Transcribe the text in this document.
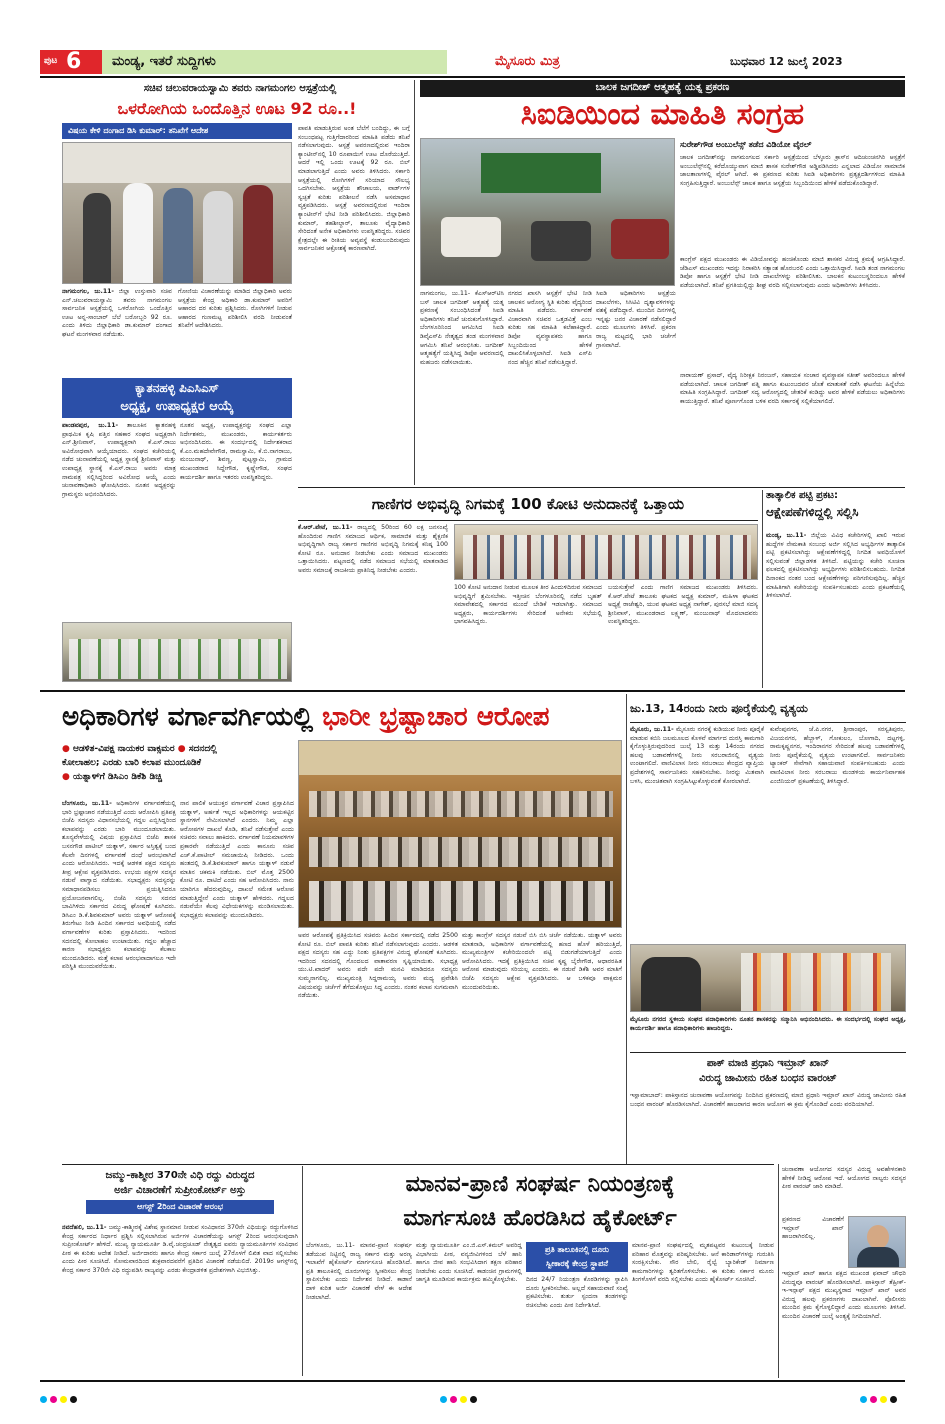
ಪುಟ 6 ಮಂಡ್ಯ, ಇತರೆ ಸುದ್ದಿಗಳು	ಮೈಸೂರು ಮಿತ್ರ	ಬುಧವಾರ 12 ಜುಲೈ 2023
ಸಚಿವ ಚಲುವರಾಯಸ್ವಾಮಿ ತವರು ನಾಗಮಂಗಲ ಆಸ್ಪತ್ರೆಯಲ್ಲಿ
ಒಳರೋಗಿಯ ಒಂದೊತ್ತಿನ ಊಟ 92 ರೂ..!
ವಿಷಯ ಕೇಳಿ ದಂಗಾದ ಡಿಸಿ ಕುಮಾರ್: ತನಿಖೆಗೆ ಆದೇಶ
ನಾಗಮಂಗಲ, ಜು.11- ಜಿಲ್ಲಾ ಉಸ್ತುವಾರಿ ಸಚಿವ ಎನ್.ಚಲುವರಾಯಸ್ವಾಮಿ ತವರು ನಾಗಮಂಗಲ ಸಾರ್ವಜನಿಕ ಆಸ್ಪತ್ರೆಯಲ್ಲಿ ಒಳರೋಗಿಯ ಒಂದೊತ್ತಿನ ಊಟ ಅನ್ನ-ಸಾಂಬಾರ್ ಬೆಲೆ ಬರೋಬ್ಬರಿ 92 ರೂ. ಎಂದು ತಿಳಿದು ಜಿಲ್ಲಾಧಿಕಾರಿ ಡಾ.ಕುಮಾರ್ ದಂಗಾದ ಘಟನೆ ಮಂಗಳವಾರ ನಡೆಯಿತು.
ಗೋಣಿಯ ವಿಚಾರಣೆಯನ್ನು ಮಾಡಿದ ಜಿಲ್ಲಾಧಿಕಾರಿ ಅವರು ಆಸ್ಪತ್ರೆಯ ಕೇಂದ್ರ ಅಧಿಕಾರಿ ಡಾ.ಕುಮಾರ್ ಅವರಿಗೆ ಆಹಾರದ ದರ ಕುರಿತು ಪ್ರಶ್ನಿಸಿದರು. ರೋಗಿಗಳಿಗೆ ನೀಡುವ ಆಹಾರದ ಗುಣಮಟ್ಟ ಪರಿಶೀಲಿಸಿ ವರದಿ ನೀಡುವಂತೆ ತನಿಖೆಗೆ ಆದೇಶಿಸಿದರು.
ಪಾವತಿ ಮಾಡುತ್ತಿರುವ ಅಂತ ಬೆಲೆಗೆ ಬಂದಿದ್ದು, ಈ ಬಗ್ಗೆ ಸಂಬಂಧಪಟ್ಟ ಗುತ್ತಿಗೆದಾರರಿಂದ ಮಾಹಿತಿ ಪಡೆದು ತನಿಖೆ ನಡೆಸಲಾಗುವುದು. ಆಸ್ಪತ್ರೆ ಅವರಣದಲ್ಲಿರುವ ಇಂದಿರಾ ಕ್ಯಾಂಟೀನ್‌ನಲ್ಲಿ 10 ರೂಪಾಯಿಗೆ ಊಟ ದೊರೆಯುತ್ತಿದೆ. ಆದರೆ ಇಲ್ಲಿ ಒಂದು ಊಟಕ್ಕೆ 92 ರೂ. ಬಿಲ್ ಮಾಡಲಾಗುತ್ತಿದೆ ಎಂದು ಅವರು ತಿಳಿಸಿದರು. ಸರ್ಕಾರಿ ಆಸ್ಪತ್ರೆಯಲ್ಲಿ ರೋಗಿಗಳಿಗೆ ಸರಿಯಾದ ಸೌಲಭ್ಯ ಒದಗಿಸಬೇಕು. ಆಸ್ಪತ್ರೆಯ ಶೌಚಾಲಯ, ವಾರ್ಡ್‌ಗಳ ಸ್ವಚ್ಛತೆ ಕುರಿತು ಪರಿಶೀಲನೆ ನಡೆಸಿ ಅಸಮಾಧಾನ ವ್ಯಕ್ತಪಡಿಸಿದರು. ಆಸ್ಪತ್ರೆ ಅವರಣದಲ್ಲಿರುವ ಇಂದಿರಾ ಕ್ಯಾಂಟೀನ್‌ಗೆ ಭೇಟಿ ನೀಡಿ ಪರಿಶೀಲಿಸಿದರು. ಜಿಲ್ಲಾಧಿಕಾರಿ ಕುಮಾರ್, ತಹಶೀಲ್ದಾರ್, ತಾಲೂಕು ವೈದ್ಯಾಧಿಕಾರಿ ಸೇರಿದಂತೆ ಅನೇಕ ಅಧಿಕಾರಿಗಳು ಉಪಸ್ಥಿತರಿದ್ದರು. ಸಚಿವರ ಕ್ಷೇತ್ರದಲ್ಲೇ ಈ ರೀತಿಯ ಅವ್ಯವಸ್ಥೆ ಕಂಡುಬಂದಿರುವುದು ಸಾರ್ವಜನಿಕರ ಆಕ್ರೋಶಕ್ಕೆ ಕಾರಣವಾಗಿದೆ.
ಕ್ಯಾತನಹಳ್ಳಿ ಪಿಎಸಿಎಸ್
ಅಧ್ಯಕ್ಷ, ಉಪಾಧ್ಯಕ್ಷರ ಆಯ್ಕೆ
ಪಾಂಡವಪುರ, ಜು.11- ತಾಲೂಕಿನ ಕ್ಯಾತನಹಳ್ಳಿ ಪ್ರಾಥಮಿಕ ಕೃಷಿ ಪತ್ತಿನ ಸಹಕಾರ ಸಂಘದ ಅಧ್ಯಕ್ಷರಾಗಿ ಎನ್.ಶ್ರೀನಿವಾಸ್, ಉಪಾಧ್ಯಕ್ಷರಾಗಿ ಕೆ.ಎಸ್.ರಾಜು ಅವಿರೋಧವಾಗಿ ಆಯ್ಕೆಯಾದರು. ಸಂಘದ ಕಚೇರಿಯಲ್ಲಿ ನಡೆದ ಚುನಾವಣೆಯಲ್ಲಿ ಅಧ್ಯಕ್ಷ ಸ್ಥಾನಕ್ಕೆ ಶ್ರೀನಿವಾಸ್ ಮತ್ತು ಉಪಾಧ್ಯಕ್ಷ ಸ್ಥಾನಕ್ಕೆ ಕೆ.ಎಸ್.ರಾಜು ಅವರು ಮಾತ್ರ ನಾಮಪತ್ರ ಸಲ್ಲಿಸಿದ್ದರಿಂದ ಅವಿರೋಧ ಆಯ್ಕೆ ಎಂದು ಚುನಾವಣಾಧಿಕಾರಿ ಘೋಷಿಸಿದರು. ನೂತನ ಅಧ್ಯಕ್ಷರನ್ನು ಗ್ರಾಮಸ್ಥರು ಅಭಿನಂದಿಸಿದರು.
ನೂತನ ಅಧ್ಯಕ್ಷ, ಉಪಾಧ್ಯಕ್ಷರನ್ನು ಸಂಘದ ಎಲ್ಲಾ ನಿರ್ದೇಶಕರು, ಮುಖಂಡರು, ಕಾರ್ಯಕರ್ತರು ಅಭಿನಂದಿಸಿದರು. ಈ ಸಂದರ್ಭದಲ್ಲಿ ನಿರ್ದೇಶಕರಾದ ಕೆ.ಎಂ.ಮಹದೇವೇಗೌಡ, ರಾಮಸ್ವಾಮಿ, ಕೆ.ಬಿ.ನಾಗರಾಜು, ಮಂಜುನಾಥ್, ಶಿವಣ್ಣ, ಪುಟ್ಟಸ್ವಾಮಿ, ಗ್ರಾಮದ ಮುಖಂಡರಾದ ಸಿದ್ದೇಗೌಡ, ಕೃಷ್ಣೇಗೌಡ, ಸಂಘದ ಕಾರ್ಯದರ್ಶಿ ಹಾಗೂ ಇತರರು ಉಪಸ್ಥಿತರಿದ್ದರು.
ಬಾಲಕ ಜಗದೀಶ್ ಆತ್ಮಹತ್ಯೆ ಯತ್ನ ಪ್ರಕರಣ
ಸಿಐಡಿಯಿಂದ ಮಾಹಿತಿ ಸಂಗ್ರಹ
ಸುರೇಶ್‌ಗೌಡ ಅಂಬುಲೆನ್ಸ್ ತಡೆದ ವಿಡಿಯೋ ವೈರಲ್
ಚಾಲಕ ಜಗದೀಶ್‌ನನ್ನು ನಾಗಮಂಗಲದ ಸರ್ಕಾರಿ ಆಸ್ಪತ್ರೆಯಿಂದ ಬೆಳ್ಳೂರು ಕ್ರಾಸ್‌ನ ಆದಿಚುಂಚನಗಿರಿ ಆಸ್ಪತ್ರೆಗೆ ಅಂಬುಲೆನ್ಸ್‌ನಲ್ಲಿ ಕರೆದೊಯ್ಯುವಾಗ ಮಾಜಿ ಶಾಸಕ ಸುರೇಶ್‌ಗೌಡ ಅಡ್ಡಿಪಡಿಸಿದರು ಎನ್ನಲಾದ ವಿಡಿಯೋ ಸಾಮಾಜಿಕ ಜಾಲತಾಣಗಳಲ್ಲಿ ವೈರಲ್ ಆಗಿದೆ. ಈ ಪ್ರಕರಣದ ಕುರಿತು ಸಿಐಡಿ ಅಧಿಕಾರಿಗಳು ಪ್ರತ್ಯಕ್ಷದರ್ಶಿಗಳಿಂದ ಮಾಹಿತಿ ಸಂಗ್ರಹಿಸುತ್ತಿದ್ದಾರೆ. ಅಂಬುಲೆನ್ಸ್ ಚಾಲಕ ಹಾಗೂ ಆಸ್ಪತ್ರೆಯ ಸಿಬ್ಬಂದಿಯಿಂದ ಹೇಳಿಕೆ ಪಡೆದುಕೊಂಡಿದ್ದಾರೆ.
ಕಾಂಗ್ರೆಸ್ ಪಕ್ಷದ ಮುಖಂಡರು ಈ ವಿಡಿಯೋವನ್ನು ಹಂಚಿಕೊಂಡು ಮಾಜಿ ಶಾಸಕರ ವಿರುದ್ಧ ಕ್ರಮಕ್ಕೆ ಆಗ್ರಹಿಸಿದ್ದಾರೆ. ಜೆಡಿಎಸ್ ಮುಖಂಡರು ಇದನ್ನು ನಿರಾಕರಿಸಿ ಸತ್ಯಾಂಶ ಹೊರಬರಲಿ ಎಂದು ಒತ್ತಾಯಿಸಿದ್ದಾರೆ. ಸಿಐಡಿ ತಂಡ ನಾಗಮಂಗಲ ಡಿಪೋ ಹಾಗೂ ಆಸ್ಪತ್ರೆಗೆ ಭೇಟಿ ನೀಡಿ ದಾಖಲೆಗಳನ್ನು ಪರಿಶೀಲಿಸಿತು. ಬಾಲಕನ ಕುಟುಂಬಸ್ಥರಿಂದಲೂ ಹೇಳಿಕೆ ಪಡೆಯಲಾಗಿದೆ. ತನಿಖೆ ಪ್ರಗತಿಯಲ್ಲಿದ್ದು ಶೀಘ್ರ ವರದಿ ಸಲ್ಲಿಸಲಾಗುವುದು ಎಂದು ಅಧಿಕಾರಿಗಳು ತಿಳಿಸಿದರು.
ನಾಗಮಂಗಲ, ಜು.11- ಕೆಎಸ್‌ಆರ್‌ಟಿಸಿ ಬಸ್ ಚಾಲಕ ಜಗದೀಶ್ ಆತ್ಮಹತ್ಯೆ ಯತ್ನ ಪ್ರಕರಣಕ್ಕೆ ಸಂಬಂಧಿಸಿದಂತೆ ಸಿಐಡಿ ಅಧಿಕಾರಿಗಳು ತನಿಖೆ ಚುರುಕುಗೊಳಿಸಿದ್ದಾರೆ. ಬೆಂಗಳೂರಿನಿಂದ ಆಗಮಿಸಿದ ಸಿಐಡಿ ಡಿವೈಎಸ್‌ಪಿ ನೇತೃತ್ವದ ತಂಡ ಮಂಗಳವಾರ ಆಗಮಿಸಿ ತನಿಖೆ ಆರಂಭಿಸಿತು. ಜಗದೀಶ್ ಆತ್ಮಹತ್ಯೆಗೆ ಯತ್ನಿಸಿದ್ದ ಡಿಪೋ ಆವರಣದಲ್ಲಿ ಮಹಜರು ನಡೆಸಲಾಯಿತು.
ನಗರದ ಖಾಸಗಿ ಆಸ್ಪತ್ರೆಗೆ ಭೇಟಿ ನೀಡಿ ಚಾಲಕನ ಆರೋಗ್ಯ ಸ್ಥಿತಿ ಕುರಿತು ವೈದ್ಯರಿಂದ ಮಾಹಿತಿ ಪಡೆದರು. ವರ್ಗಾವಣೆ ವಿಚಾರವಾಗಿ ಸಚಿವರ ಒತ್ತಡವಿತ್ತೆ ಎಂಬ ಕುರಿತು ಸಹ ಮಾಹಿತಿ ಕಲೆಹಾಕಿದ್ದಾರೆ. ಡಿಪೋ ವ್ಯವಸ್ಥಾಪಕರು ಹಾಗೂ ಸಿಬ್ಬಂದಿಯಿಂದ ಹೇಳಿಕೆ ದಾಖಲಿಸಿಕೊಳ್ಳಲಾಗಿದೆ. ಸಿಐಡಿ ಎಸ್‌ಪಿ ನಂದ ಹೆಚ್ಚಿನ ತನಿಖೆ ನಡೆಸುತ್ತಿದ್ದಾರೆ.
ಸಿಐಡಿ ಅಧಿಕಾರಿಗಳು ಆಸ್ಪತ್ರೆಯ ದಾಖಲೆಗಳು, ಸಿಸಿಟಿವಿ ದೃಶ್ಯಾವಳಿಗಳನ್ನು ವಶಕ್ಕೆ ಪಡೆದಿದ್ದಾರೆ. ಮುಂದಿನ ದಿನಗಳಲ್ಲಿ ಇನ್ನಷ್ಟು ಜನರ ವಿಚಾರಣೆ ನಡೆಸಲಿದ್ದಾರೆ ಎಂದು ಮೂಲಗಳು ತಿಳಿಸಿವೆ. ಪ್ರಕರಣ ರಾಜ್ಯ ಮಟ್ಟದಲ್ಲಿ ಭಾರಿ ಚರ್ಚೆಗೆ ಗ್ರಾಸವಾಗಿದೆ.
ನಾರಾಯಣ್ ಪ್ರಸಾದ್, ವೈದ್ಯ ನಿರೀಕ್ಷಕ ನಿರಂಜನ್, ಸಹಾಯಕ ಸಂಚಾರ ವ್ಯವಸ್ಥಾಪಕ ಸತೀಶ್ ಅವರಿಂದಲೂ ಹೇಳಿಕೆ ಪಡೆಯಲಾಗಿದೆ. ಚಾಲಕ ಜಗದೀಶ್ ಪತ್ನಿ ಹಾಗೂ ಕುಟುಂಬದವರ ಜೊತೆ ಮಾತುಕತೆ ನಡೆಸಿ ಘಟನೆಯ ಹಿನ್ನೆಲೆಯ ಮಾಹಿತಿ ಸಂಗ್ರಹಿಸಿದ್ದಾರೆ. ಜಗದೀಶ್ ಸದ್ಯ ಆರೋಗ್ಯದಲ್ಲಿ ಚೇತರಿಕೆ ಕಂಡಿದ್ದು ಅವರ ಹೇಳಿಕೆ ಪಡೆಯಲು ಅಧಿಕಾರಿಗಳು ಕಾಯುತ್ತಿದ್ದಾರೆ. ತನಿಖೆ ಪೂರ್ಣಗೊಂಡ ಬಳಿಕ ವರದಿ ಸರ್ಕಾರಕ್ಕೆ ಸಲ್ಲಿಕೆಯಾಗಲಿದೆ.
ಗಾಣಿಗರ ಅಭಿವೃದ್ಧಿ ನಿಗಮಕ್ಕೆ 100 ಕೋಟಿ ಅನುದಾನಕ್ಕೆ ಒತ್ತಾಯ
ಕೆ.ಆರ್.ಪೇಟೆ, ಜು.11- ರಾಜ್ಯದಲ್ಲಿ 50ರಿಂದ 60 ಲಕ್ಷ ಜನಸಂಖ್ಯೆ ಹೊಂದಿರುವ ಗಾಣಿಗ ಸಮಾಜದ ಆರ್ಥಿಕ, ಸಾಮಾಜಿಕ ಮತ್ತು ಶೈಕ್ಷಣಿಕ ಅಭಿವೃದ್ಧಿಗಾಗಿ ರಾಜ್ಯ ಸರ್ಕಾರ ಗಾಣಿಗರ ಅಭಿವೃದ್ಧಿ ನಿಗಮಕ್ಕೆ ಕನಿಷ್ಠ 100 ಕೋಟಿ ರೂ. ಅನುದಾನ ನೀಡಬೇಕು ಎಂದು ಸಮಾಜದ ಮುಖಂಡರು ಒತ್ತಾಯಿಸಿದರು. ಪಟ್ಟಣದಲ್ಲಿ ನಡೆದ ಸಮಾಜದ ಸಭೆಯಲ್ಲಿ ಮಾತನಾಡಿದ ಅವರು ಸಮಾಜಕ್ಕೆ ರಾಜಕೀಯ ಪ್ರಾತಿನಿಧ್ಯ ನೀಡಬೇಕು ಎಂದರು.
100 ಕೋಟಿ ಅನುದಾನ ನೀಡುವ ಮೂಲಕ ತೀರ ಹಿಂದುಳಿದಿರುವ ಸಮಾಜದ ಅಭಿವೃದ್ಧಿಗೆ ಶ್ರಮಿಸಬೇಕು. ಇತ್ತೀಚಿನ ಬೆಂಗಳೂರಿನಲ್ಲಿ ನಡೆದ ಬೃಹತ್ ಸಮಾವೇಶದಲ್ಲಿ ಸರ್ಕಾರದ ಮುಂದೆ ಬೇಡಿಕೆ ಇಡಲಾಗಿತ್ತು. ಸಮಾಜದ ಅಧ್ಯಕ್ಷರು, ಕಾರ್ಯದರ್ಶಿಗಳು ಸೇರಿದಂತೆ ಅನೇಕರು ಸಭೆಯಲ್ಲಿ ಭಾಗವಹಿಸಿದ್ದರು.
ಬಯಸುತ್ತೇವೆ ಎಂದು ಗಾಣಿಗ ಸಮಾಜದ ಮುಖಂಡರು ತಿಳಿಸಿದರು. ಕೆ.ಆರ್.ಪೇಟೆ ತಾಲೂಕು ಘಟಕದ ಅಧ್ಯಕ್ಷ ಕುಮಾರ್, ಮಹಿಳಾ ಘಟಕದ ಅಧ್ಯಕ್ಷೆ ರಾಜೇಶ್ವರಿ, ಯುವ ಘಟಕದ ಅಧ್ಯಕ್ಷ ನಾಗೇಶ್, ಪುರಸಭೆ ಮಾಜಿ ಸದಸ್ಯ ಶ್ರೀನಿವಾಸ್, ಮುಖಂಡರಾದ ಲಕ್ಷ್ಮಣ್, ಮಂಜುನಾಥ್ ಮೊದಲಾದವರು ಉಪಸ್ಥಿತರಿದ್ದರು.
ತಾತ್ಕಾಲಿಕ ಪಟ್ಟಿ ಪ್ರಕಟ:
ಆಕ್ಷೇಪಣೆಗಳಿದ್ದಲ್ಲಿ ಸಲ್ಲಿಸಿ
ಮಂಡ್ಯ, ಜು.11- ಜಿಲ್ಲೆಯ ವಿವಿಧ ಕಚೇರಿಗಳಲ್ಲಿ ಖಾಲಿ ಇರುವ ಹುದ್ದೆಗಳ ನೇಮಕಾತಿ ಸಂಬಂಧ ಅರ್ಜಿ ಸಲ್ಲಿಸಿದ ಅಭ್ಯರ್ಥಿಗಳ ತಾತ್ಕಾಲಿಕ ಪಟ್ಟಿ ಪ್ರಕಟಿಸಲಾಗಿದ್ದು ಆಕ್ಷೇಪಣೆಗಳಿದ್ದಲ್ಲಿ ನಿಗದಿತ ಅವಧಿಯೊಳಗೆ ಸಲ್ಲಿಸುವಂತೆ ಜಿಲ್ಲಾಡಳಿತ ತಿಳಿಸಿದೆ. ಪಟ್ಟಿಯನ್ನು ಕಚೇರಿ ಸೂಚನಾ ಫಲಕದಲ್ಲಿ ಪ್ರಕಟಿಸಲಾಗಿದ್ದು ಅಭ್ಯರ್ಥಿಗಳು ಪರಿಶೀಲಿಸಬಹುದು. ನಿಗದಿತ ದಿನಾಂಕದ ನಂತರ ಬಂದ ಆಕ್ಷೇಪಣೆಗಳನ್ನು ಪರಿಗಣಿಸುವುದಿಲ್ಲ. ಹೆಚ್ಚಿನ ಮಾಹಿತಿಗಾಗಿ ಕಚೇರಿಯನ್ನು ಸಂಪರ್ಕಿಸಬಹುದು ಎಂದು ಪ್ರಕಟಣೆಯಲ್ಲಿ ತಿಳಿಸಲಾಗಿದೆ.
ಅಧಿಕಾರಿಗಳ ವರ್ಗಾವರ್ಗಿಯಲ್ಲಿ ಭಾರೀ ಭ್ರಷ್ಟಾಚಾರ ಆರೋಪ
● ಆಡಳಿತ-ವಿಪಕ್ಷ ನಾಯಕರ ವಾಕ್ಸಮರ ● ಸದನದಲ್ಲಿ
ಕೋಲಾಹಲ; ಎರಡು ಬಾರಿ ಕಲಾಪ ಮುಂದೂಡಿಕೆ
● ಯತ್ನಾಳ್‌ಗೆ ಡಿಸಿಎಂ ಡಿಕೆಶಿ ಡಿಚ್ಚಿ
ಬೆಂಗಳೂರು, ಜು.11- ಅಧಿಕಾರಿಗಳ ವರ್ಗಾವಣೆಯಲ್ಲಿ ಭಾರಿ ಭ್ರಷ್ಟಾಚಾರ ನಡೆಯುತ್ತಿದೆ ಎಂದು ಆರೋಪಿಸಿ ಪ್ರತಿಪಕ್ಷ ಬಿಜೆಪಿ ಸದಸ್ಯರು ವಿಧಾನಸಭೆಯಲ್ಲಿ ಗದ್ದಲ ಎಬ್ಬಿಸಿದ್ದರಿಂದ ಕಲಾಪವನ್ನು ಎರಡು ಬಾರಿ ಮುಂದೂಡಲಾಯಿತು. ಶೂನ್ಯವೇಳೆಯಲ್ಲಿ ವಿಷಯ ಪ್ರಸ್ತಾಪಿಸಿದ ಬಿಜೆಪಿ ಶಾಸಕ ಬಸನಗೌಡ ಪಾಟೀಲ್ ಯತ್ನಾಳ್, ಸರ್ಕಾರ ಅಸ್ತಿತ್ವಕ್ಕೆ ಬಂದ ಕೆಲವೇ ದಿನಗಳಲ್ಲಿ ವರ್ಗಾವಣೆ ದಂಧೆ ಆರಂಭವಾಗಿದೆ ಎಂದು ಆರೋಪಿಸಿದರು. ಇದಕ್ಕೆ ಆಡಳಿತ ಪಕ್ಷದ ಸದಸ್ಯರು ತೀವ್ರ ಆಕ್ಷೇಪ ವ್ಯಕ್ತಪಡಿಸಿದರು. ಉಭಯ ಪಕ್ಷಗಳ ಸದಸ್ಯರ ನಡುವೆ ವಾಗ್ವಾದ ನಡೆಯಿತು. ಸಭಾಧ್ಯಕ್ಷರು ಸದಸ್ಯರನ್ನು ಸಮಾಧಾನಪಡಿಸಲು ಪ್ರಯತ್ನಿಸಿದರೂ ಪ್ರಯೋಜನವಾಗಲಿಲ್ಲ. ಬಿಜೆಪಿ ಸದಸ್ಯರು ಸದನದ ಬಾವಿಗಿಳಿದು ಸರ್ಕಾರದ ವಿರುದ್ಧ ಘೋಷಣೆ ಕೂಗಿದರು. ಡಿಸಿಎಂ ಡಿ.ಕೆ.ಶಿವಕುಮಾರ್ ಅವರು ಯತ್ನಾಳ್ ಆರೋಪಕ್ಕೆ ತಿರುಗೇಟು ನೀಡಿ ಹಿಂದಿನ ಸರ್ಕಾರದ ಅವಧಿಯಲ್ಲಿ ನಡೆದ ವರ್ಗಾವಣೆಗಳ ಕುರಿತು ಪ್ರಸ್ತಾಪಿಸಿದರು. ಇದರಿಂದ ಸದನದಲ್ಲಿ ಕೋಲಾಹಲ ಉಂಟಾಯಿತು. ಗದ್ದಲ ಹೆಚ್ಚಾದ ಕಾರಣ ಸಭಾಧ್ಯಕ್ಷರು ಕಲಾಪವನ್ನು ಕೆಲಕಾಲ ಮುಂದೂಡಿದರು. ಮತ್ತೆ ಕಲಾಪ ಆರಂಭವಾದಾಗಲೂ ಇದೇ ಪರಿಸ್ಥಿತಿ ಮುಂದುವರೆಯಿತು.
ನಾನ ಪಾಲಿಕೆ ಆಯುಕ್ತರ ವರ್ಗಾವಣೆ ವಿಚಾರ ಪ್ರಸ್ತಾಪಿಸಿದ ಯತ್ನಾಳ್, ಅರ್ಹತೆ ಇಲ್ಲದ ಅಧಿಕಾರಿಗಳನ್ನು ಆಯಕಟ್ಟಿನ ಸ್ಥಾನಗಳಿಗೆ ನೇಮಿಸಲಾಗಿದೆ ಎಂದರು. ನಿಮ್ಮ ಎಲ್ಲಾ ಆರೋಪಗಳ ದಾಖಲೆ ಕೊಡಿ, ತನಿಖೆ ನಡೆಸುತ್ತೇವೆ ಎಂದು ಸಚಿವರು ಸವಾಲು ಹಾಕಿದರು. ವರ್ಗಾವಣೆ ನಿಯಮಾವಳಿಗಳ ಪ್ರಕಾರವೇ ನಡೆಯುತ್ತಿದೆ ಎಂದು ಕಾನೂನು ಸಚಿವ ಎಚ್.ಕೆ.ಪಾಟೀಲ್ ಸಮಜಾಯಿಷಿ ನೀಡಿದರು. ಒಂದು ಹಂತದಲ್ಲಿ ಡಿ.ಕೆ.ಶಿವಕುಮಾರ್ ಹಾಗೂ ಯತ್ನಾಳ್ ನಡುವೆ ಮಾತಿನ ಚಕಮಕಿ ನಡೆಯಿತು. ಬಿಲ್ ಮೊತ್ತ 2500 ಕೋಟಿ ರೂ. ದಾಟಿದೆ ಎಂದು ಸಹ ಆರೋಪಿಸಿದರು. ನಾನು ಯಾರಿಗೂ ಹೆದರುವುದಿಲ್ಲ, ದಾಖಲೆ ಸಮೇತ ಆರೋಪ ಮಾಡುತ್ತಿದ್ದೇನೆ ಎಂದು ಯತ್ನಾಳ್ ಹೇಳಿದರು. ಗದ್ದಲದ ನಡುವೆಯೇ ಕೆಲವು ವಿಧೇಯಕಗಳನ್ನು ಮಂಡಿಸಲಾಯಿತು. ಸಭಾಧ್ಯಕ್ಷರು ಕಲಾಪವನ್ನು ಮುಂದೂಡಿದರು.
ಅವರ ಆರೋಪಕ್ಕೆ ಪ್ರತಿಕ್ರಿಯಿಸಿದ ಸಚಿವರು ಹಿಂದಿನ ಸರ್ಕಾರದಲ್ಲಿ ನಡೆದ 2500 ಕೋಟಿ ರೂ. ಬಿಲ್ ಪಾವತಿ ಕುರಿತು ತನಿಖೆ ನಡೆಸಲಾಗುವುದು ಎಂದರು. ಆಡಳಿತ ಪಕ್ಷದ ಸದಸ್ಯರು ಸಹ ಎದ್ದು ನಿಂತು ಪ್ರತಿಪಕ್ಷಗಳ ವಿರುದ್ಧ ಘೋಷಣೆ ಕೂಗಿದರು. ಇದರಿಂದ ಸದನದಲ್ಲಿ ಗೊಂದಲದ ವಾತಾವರಣ ಸೃಷ್ಟಿಯಾಯಿತು. ಸಭಾಧ್ಯಕ್ಷ ಯು.ಟಿ.ಖಾದರ್ ಅವರು ಪದೇ ಪದೇ ಮನವಿ ಮಾಡಿದರೂ ಸದಸ್ಯರು ಸುಮ್ಮನಾಗಲಿಲ್ಲ. ಮುಖ್ಯಮಂತ್ರಿ ಸಿದ್ದರಾಮಯ್ಯ ಅವರು ಮಧ್ಯ ಪ್ರವೇಶಿಸಿ ವಿಷಯವನ್ನು ಚರ್ಚೆಗೆ ತೆಗೆದುಕೊಳ್ಳಲು ಸಿದ್ಧ ಎಂದರು. ನಂತರ ಕಲಾಪ ಸುಗಮವಾಗಿ ನಡೆಯಿತು.
ಮತ್ತು ಕಾಂಗ್ರೆಸ್ ಸದಸ್ಯರ ನಡುವೆ ಬಿಸಿ ಬಿಸಿ ಚರ್ಚೆ ನಡೆಯಿತು. ಯತ್ನಾಳ್ ಅವರು ಮಾತನಾಡಿ, ಅಧಿಕಾರಿಗಳ ವರ್ಗಾವಣೆಯಲ್ಲಿ ಹಣದ ಹೊಳೆ ಹರಿಯುತ್ತಿದೆ, ಮುಖ್ಯಮಂತ್ರಿಗಳ ಕಚೇರಿಯಿಂದಲೇ ಪಟ್ಟಿ ಬಿಡುಗಡೆಯಾಗುತ್ತಿದೆ ಎಂದು ಆರೋಪಿಸಿದರು. ಇದಕ್ಕೆ ಪ್ರತಿಕ್ರಿಯಿಸಿದ ಸಚಿವ ಕೃಷ್ಣ ಬೈರೇಗೌಡ, ಆಧಾರರಹಿತ ಆರೋಪ ಮಾಡುವುದು ಸರಿಯಲ್ಲ ಎಂದರು. ಈ ನಡುವೆ ಡಿಕೆಶಿ ಅವರ ಮಾತಿಗೆ ಬಿಜೆಪಿ ಸದಸ್ಯರು ಆಕ್ಷೇಪ ವ್ಯಕ್ತಪಡಿಸಿದರು. ಆ ಬಳಿಕವೂ ವಾಕ್ಸಮರ ಮುಂದುವರಿಯಿತು.
ಜು.13, 14ರಂದು ನೀರು ಪೂರೈಕೆಯಲ್ಲಿ ವ್ಯತ್ಯಯ
ಮೈಸೂರು, ಜು.11- ಮೈಸೂರು ನಗರಕ್ಕೆ ಕುಡಿಯುವ ನೀರು ಪೂರೈಕೆ ಮಾಡುವ ಕಬಿನಿ ಜಲಮೂಲದ ಕೊಳವೆ ಮಾರ್ಗದ ದುರಸ್ತಿ ಕಾಮಗಾರಿ ಕೈಗೊಳ್ಳುತ್ತಿರುವುದರಿಂದ ಜುಲೈ 13 ಮತ್ತು 14ರಂದು ನಗರದ ಹಲವು ಬಡಾವಣೆಗಳಲ್ಲಿ ನೀರು ಸರಬರಾಜಿನಲ್ಲಿ ವ್ಯತ್ಯಯ ಉಂಟಾಗಲಿದೆ. ವಾಣಿವಿಲಾಸ ನೀರು ಸರಬರಾಜು ಕೇಂದ್ರದ ವ್ಯಾಪ್ತಿಯ ಪ್ರದೇಶಗಳಲ್ಲಿ ಸಾರ್ವಜನಿಕರು ಸಹಕರಿಸಬೇಕು. ನೀರನ್ನು ಮಿತವಾಗಿ ಬಳಸಿ, ಮುಂಚಿತವಾಗಿ ಸಂಗ್ರಹಿಸಿಟ್ಟುಕೊಳ್ಳುವಂತೆ ಕೋರಲಾಗಿದೆ.
ಕುವೆಂಪುನಗರ, ಜೆ.ಪಿ.ನಗರ, ಶ್ರೀರಾಂಪುರ, ಸರಸ್ವತಿಪುರಂ, ವಿಜಯನಗರ, ಹೆಬ್ಬಾಳ್, ಗೋಕುಲಂ, ಬೋಗಾದಿ, ದಟ್ಟಗಳ್ಳಿ, ರಾಮಕೃಷ್ಣನಗರ, ಇಂದಿರಾನಗರ ಸೇರಿದಂತೆ ಹಲವು ಬಡಾವಣೆಗಳಲ್ಲಿ ನೀರು ಪೂರೈಕೆಯಲ್ಲಿ ವ್ಯತ್ಯಯ ಉಂಟಾಗಲಿದೆ. ಸಾರ್ವಜನಿಕರು ಟ್ಯಾಂಕರ್ ಸೇವೆಗಾಗಿ ಸಹಾಯವಾಣಿ ಸಂಪರ್ಕಿಸಬಹುದು ಎಂದು ವಾಣಿವಿಲಾಸ ನೀರು ಸರಬರಾಜು ಮಂಡಳಿಯ ಕಾರ್ಯನಿರ್ವಾಹಕ ಎಂಜಿನಿಯರ್ ಪ್ರಕಟಣೆಯಲ್ಲಿ ತಿಳಿಸಿದ್ದಾರೆ.
ಮೈಸೂರು ನಗರದ ಸ್ಥಳೀಯ ಸಂಘದ ಪದಾಧಿಕಾರಿಗಳು ನೂತನ ಶಾಸಕರನ್ನು ಸನ್ಮಾನಿಸಿ ಅಭಿನಂದಿಸಿದರು. ಈ ಸಂದರ್ಭದಲ್ಲಿ ಸಂಘದ ಅಧ್ಯಕ್ಷ, ಕಾರ್ಯದರ್ಶಿ ಹಾಗೂ ಪದಾಧಿಕಾರಿಗಳು ಹಾಜರಿದ್ದರು.
ಪಾಕ್ ಮಾಜಿ ಪ್ರಧಾನಿ ಇಮ್ರಾನ್ ಖಾನ್
ವಿರುದ್ಧ ಜಾಮೀನು ರಹಿತ ಬಂಧನ ವಾರಂಟ್
ಇಸ್ಲಾಮಾಬಾದ್: ಪಾಕಿಸ್ತಾನದ ಚುನಾವಣಾ ಆಯೋಗವನ್ನು ನಿಂದಿಸಿದ ಪ್ರಕರಣದಲ್ಲಿ ಮಾಜಿ ಪ್ರಧಾನಿ ಇಮ್ರಾನ್ ಖಾನ್ ವಿರುದ್ಧ ಜಾಮೀನು ರಹಿತ ಬಂಧನ ವಾರಂಟ್ ಹೊರಡಿಸಲಾಗಿದೆ. ವಿಚಾರಣೆಗೆ ಹಾಜರಾಗದ ಕಾರಣ ಆಯೋಗ ಈ ಕ್ರಮ ಕೈಗೊಂಡಿದೆ ಎಂದು ವರದಿಯಾಗಿದೆ.
ಜಮ್ಮು-ಕಾಶ್ಮೀರ 370ನೇ ವಿಧಿ ರದ್ದು ವಿರುದ್ಧದ
ಅರ್ಜಿ ವಿಚಾರಣೆಗೆ ಸುಪ್ರೀಂಕೋರ್ಟ್ ಅಸ್ತು
ಆಗಸ್ಟ್ 2ರಿಂದ ವಿಚಾರಣೆ ಆರಂಭ
ನವದೆಹಲಿ, ಜು.11- ಜಮ್ಮು-ಕಾಶ್ಮೀರಕ್ಕೆ ವಿಶೇಷ ಸ್ಥಾನಮಾನ ನೀಡುವ ಸಂವಿಧಾನದ 370ನೇ ವಿಧಿಯನ್ನು ರದ್ದುಗೊಳಿಸಿದ ಕೇಂದ್ರ ಸರ್ಕಾರದ ನಿರ್ಧಾರ ಪ್ರಶ್ನಿಸಿ ಸಲ್ಲಿಸಲಾಗಿರುವ ಅರ್ಜಿಗಳ ವಿಚಾರಣೆಯನ್ನು ಆಗಸ್ಟ್ 2ರಿಂದ ಆರಂಭಿಸುವುದಾಗಿ ಸುಪ್ರೀಂಕೋರ್ಟ್ ಹೇಳಿದೆ. ಮುಖ್ಯ ನ್ಯಾಯಮೂರ್ತಿ ಡಿ.ವೈ.ಚಂದ್ರಚೂಡ್ ನೇತೃತ್ವದ ಐವರು ನ್ಯಾಯಮೂರ್ತಿಗಳ ಸಂವಿಧಾನ ಪೀಠ ಈ ಕುರಿತು ಆದೇಶ ನೀಡಿದೆ. ಅರ್ಜಿದಾರರು ಹಾಗೂ ಕೇಂದ್ರ ಸರ್ಕಾರ ಜುಲೈ 27ರೊಳಗೆ ಲಿಖಿತ ವಾದ ಸಲ್ಲಿಸಬೇಕು ಎಂದು ಪೀಠ ಸೂಚಿಸಿದೆ. ಸೋಮವಾರದಿಂದ ಶುಕ್ರವಾರದವರೆಗೆ ಪ್ರತಿದಿನ ವಿಚಾರಣೆ ನಡೆಯಲಿದೆ. 2019ರ ಆಗಸ್ಟ್‌ನಲ್ಲಿ ಕೇಂದ್ರ ಸರ್ಕಾರ 370ನೇ ವಿಧಿ ರದ್ದುಪಡಿಸಿ ರಾಜ್ಯವನ್ನು ಎರಡು ಕೇಂದ್ರಾಡಳಿತ ಪ್ರದೇಶಗಳಾಗಿ ವಿಭಜಿಸಿತ್ತು.
ಮಾನವ-ಪ್ರಾಣಿ ಸಂಘರ್ಷ ನಿಯಂತ್ರಣಕ್ಕೆ
ಮಾರ್ಗಸೂಚಿ ಹೊರಡಿಸಿದ ಹೈಕೋರ್ಟ್
ಬೆಂಗಳೂರು, ಜು.11- ಮಾನವ-ಪ್ರಾಣಿ ಸಂಘರ್ಷ ತಡೆಯುವ ನಿಟ್ಟಿನಲ್ಲಿ ರಾಜ್ಯ ಸರ್ಕಾರ ಮತ್ತು ಅರಣ್ಯ ಇಲಾಖೆಗೆ ಹೈಕೋರ್ಟ್ ಮಾರ್ಗಸೂಚಿ ಹೊರಡಿಸಿದೆ. ಪ್ರತಿ ತಾಲೂಕಿನಲ್ಲಿ ದೂರುಗಳನ್ನು ಸ್ವೀಕರಿಸಲು ಕೇಂದ್ರ ಸ್ಥಾಪಿಸಬೇಕು ಎಂದು ನಿರ್ದೇಶನ ನೀಡಿದೆ. ಕಾಡಾನೆ ದಾಳಿ ಕುರಿತ ಅರ್ಜಿ ವಿಚಾರಣೆ ವೇಳೆ ಈ ಆದೇಶ ನೀಡಲಾಗಿದೆ.
ಮತ್ತು ನ್ಯಾಯಮೂರ್ತಿ ಎಂ.ಜಿ.ಎಸ್.ಕಮಲ್ ಅವರಿದ್ದ ವಿಭಾಗೀಯ ಪೀಠ, ವನ್ಯಜೀವಿಗಳಿಂದ ಬೆಳೆ ಹಾನಿ ಹಾಗೂ ಜೀವ ಹಾನಿ ಸಂಭವಿಸಿದಾಗ ತಕ್ಷಣ ಪರಿಹಾರ ನೀಡಬೇಕು ಎಂದು ಸೂಚಿಸಿದೆ. ಕಾಡಂಚಿನ ಗ್ರಾಮಗಳಲ್ಲಿ ಜಾಗೃತಿ ಮೂಡಿಸುವ ಕಾರ್ಯಕ್ರಮ ಹಮ್ಮಿಕೊಳ್ಳಬೇಕು.
ಪ್ರತಿ ತಾಲೂಕಿನಲ್ಲಿ ದೂರು
ಸ್ವೀಕಾರಕ್ಕೆ ಕೇಂದ್ರ ಸ್ಥಾಪನೆ
ದಿನದ 24/7 ನಿಯಂತ್ರಣ ಕೊಠಡಿಗಳನ್ನು ಸ್ಥಾಪಿಸಿ ದೂರು ಸ್ವೀಕರಿಸಬೇಕು. ಅಲ್ಲದೆ ಸಹಾಯವಾಣಿ ಸಂಖ್ಯೆ ಪ್ರಕಟಿಸಬೇಕು. ತುರ್ತು ಸ್ಪಂದನಾ ತಂಡಗಳನ್ನು ರಚಿಸಬೇಕು ಎಂದು ಪೀಠ ನಿರ್ದೇಶಿಸಿದೆ.
ಮಾನವ-ಪ್ರಾಣಿ ಸಂಘರ್ಷದಲ್ಲಿ ಮೃತಪಟ್ಟವರ ಕುಟುಂಬಕ್ಕೆ ನೀಡುವ ಪರಿಹಾರ ಮೊತ್ತವನ್ನು ಪರಿಷ್ಕರಿಸಬೇಕು. ಆನೆ ಕಾರಿಡಾರ್‌ಗಳನ್ನು ಗುರುತಿಸಿ ಸಂರಕ್ಷಿಸಬೇಕು. ಸೌರ ಬೇಲಿ, ರೈಲ್ವೆ ಬ್ಯಾರಿಕೇಡ್ ನಿರ್ಮಾಣ ಕಾಮಗಾರಿಗಳನ್ನು ತ್ವರಿತಗೊಳಿಸಬೇಕು. ಈ ಕುರಿತು ಸರ್ಕಾರ ಮೂರು ತಿಂಗಳೊಳಗೆ ವರದಿ ಸಲ್ಲಿಸಬೇಕು ಎಂದು ಹೈಕೋರ್ಟ್ ಸೂಚಿಸಿದೆ.
ಚುನಾವಣಾ ಆಯೋಗದ ಸದಸ್ಯರ ವಿರುದ್ಧ ಅವಹೇಳನಕಾರಿ ಹೇಳಿಕೆ ನೀಡಿದ್ದ ಆರೋಪ ಇದೆ. ಆಯೋಗದ ನಾಲ್ವರು ಸದಸ್ಯರ ಪೀಠ ವಾರಂಟ್ ಜಾರಿ ಮಾಡಿದೆ.
ಪ್ರಕರಣದ ವಿಚಾರಣೆಗೆ ಇಮ್ರಾನ್ ಖಾನ್ ಹಾಜರಾಗಿರಲಿಲ್ಲ.
ಇಮ್ರಾನ್ ಖಾನ್ ಹಾಗೂ ಪಕ್ಷದ ಮುಖಂಡ ಫವಾದ್ ಚೌಧರಿ ವಿರುದ್ಧವೂ ವಾರಂಟ್ ಹೊರಡಿಸಲಾಗಿದೆ. ಪಾಕಿಸ್ತಾನ್ ತೆಹ್ರೀಕ್-ಇ-ಇನ್ಸಾಫ್ ಪಕ್ಷದ ಮುಖ್ಯಸ್ಥರಾದ ಇಮ್ರಾನ್ ಖಾನ್ ಅವರ ವಿರುದ್ಧ ಹಲವು ಪ್ರಕರಣಗಳು ದಾಖಲಾಗಿವೆ. ಪೊಲೀಸರು ಮುಂದಿನ ಕ್ರಮ ಕೈಗೊಳ್ಳಲಿದ್ದಾರೆ ಎಂದು ಮೂಲಗಳು ತಿಳಿಸಿವೆ. ಮುಂದಿನ ವಿಚಾರಣೆ ಜುಲೈ ಅಂತ್ಯಕ್ಕೆ ನಿಗದಿಯಾಗಿದೆ.
